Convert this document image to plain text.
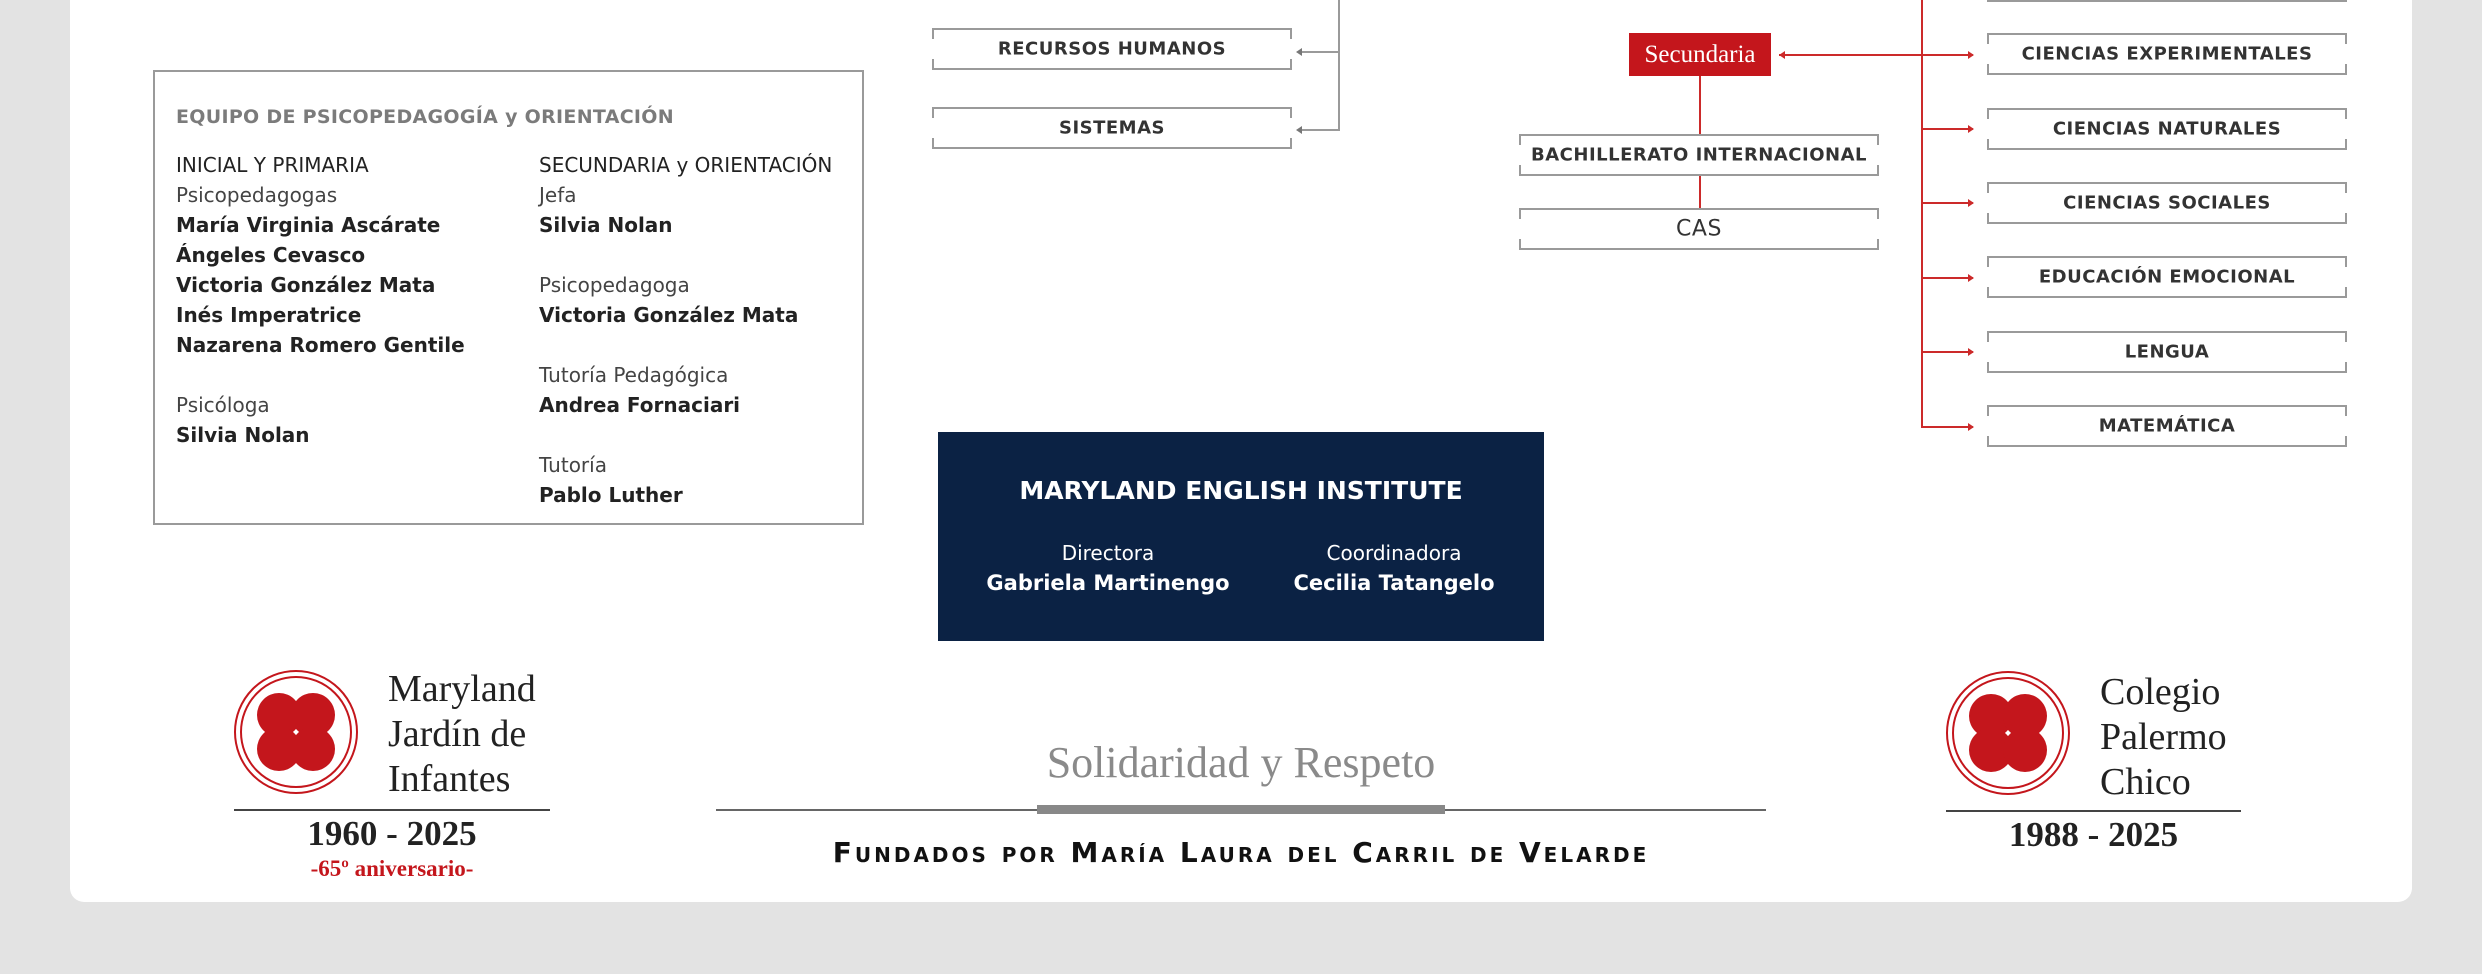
EQUIPO DE PSICOPEDAGOGÍA y ORIENTACIÓN
INICIAL Y PRIMARIA
Psicopedagogas
María Virginia Ascárate
Ángeles Cevasco
Victoria González Mata
Inés Imperatrice
Nazarena Romero Gentile
Psicóloga
Silvia Nolan
SECUNDARIA y ORIENTACIÓN
Jefa
Silvia Nolan
Psicopedagoga
Victoria González Mata
Tutoría Pedagógica
Andrea Fornaciari
Tutoría
Pablo Luther
RECURSOS HUMANOS
SISTEMAS
Secundaria
BACHILLERATO INTERNACIONAL
CAS
CIENCIAS EXPERIMENTALES
CIENCIAS NATURALES
CIENCIAS SOCIALES
EDUCACIÓN EMOCIONAL
LENGUA
MATEMÁTICA
MARYLAND ENGLISH INSTITUTE
Directora
Gabriela Martinengo
Coordinadora
Cecilia Tatangelo
Maryland
Jardín de
Infantes
1960 - 2025
-65º aniversario-
Solidaridad y Respeto
Fundados por María Laura del Carril de Velarde
Colegio
Palermo
Chico
1988 - 2025
